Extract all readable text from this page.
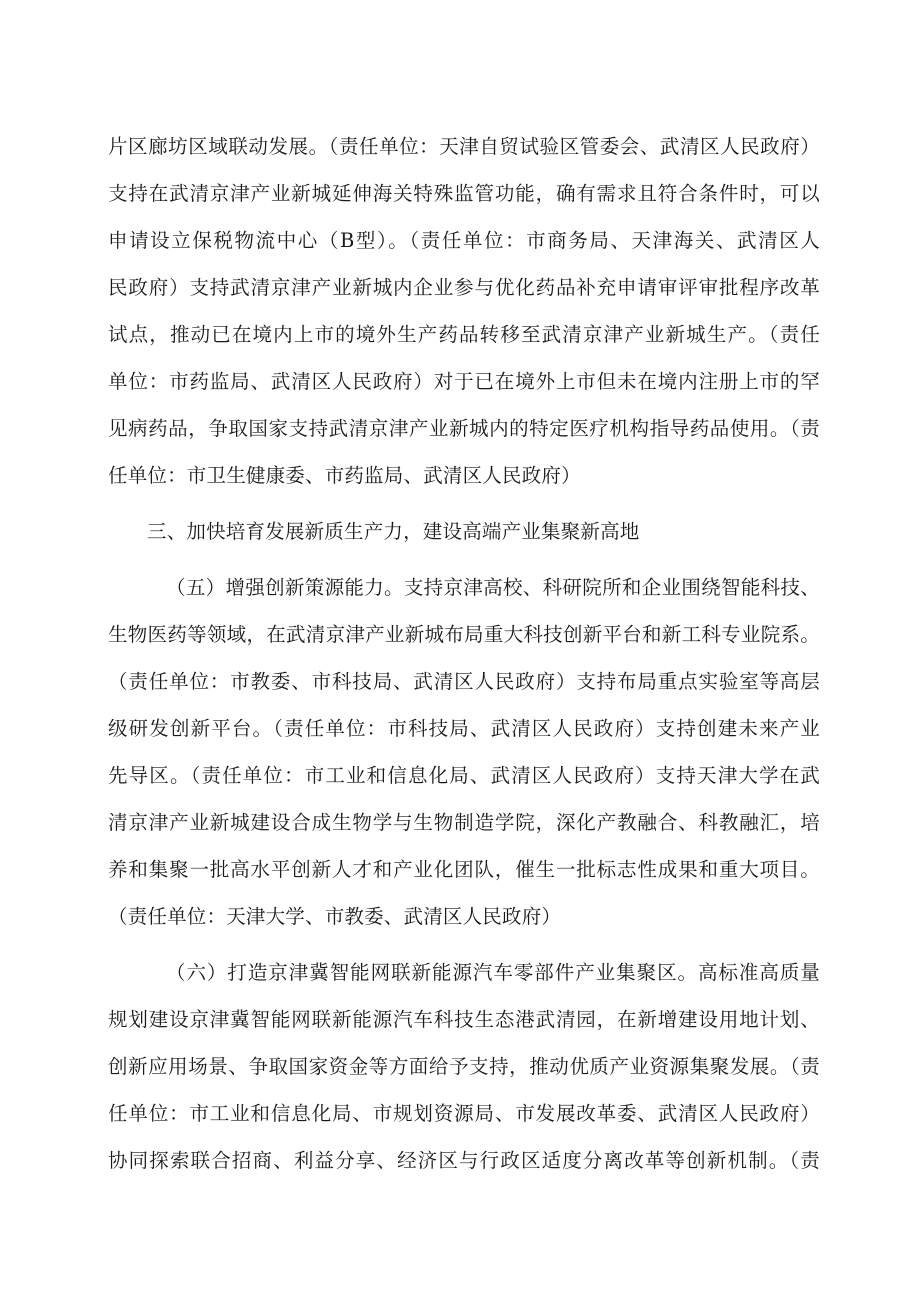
片区廊坊区域联动发展。（责任单位：天津自贸试验区管委会、武清区人民政府）
支持在武清京津产业新城延伸海关特殊监管功能，确有需求且符合条件时，可以
申请设立保税物流中心（B型）。（责任单位：市商务局、天津海关、武清区人
民政府）支持武清京津产业新城内企业参与优化药品补充申请审评审批程序改革
试点，推动已在境内上市的境外生产药品转移至武清京津产业新城生产。（责任
单位：市药监局、武清区人民政府）对于已在境外上市但未在境内注册上市的罕
见病药品，争取国家支持武清京津产业新城内的特定医疗机构指导药品使用。（责
任单位：市卫生健康委、市药监局、武清区人民政府）
三、加快培育发展新质生产力，建设高端产业集聚新高地
（五）增强创新策源能力。支持京津高校、科研院所和企业围绕智能科技、
生物医药等领域，在武清京津产业新城布局重大科技创新平台和新工科专业院系。
（责任单位：市教委、市科技局、武清区人民政府）支持布局重点实验室等高层
级研发创新平台。（责任单位：市科技局、武清区人民政府）支持创建未来产业
先导区。（责任单位：市工业和信息化局、武清区人民政府）支持天津大学在武
清京津产业新城建设合成生物学与生物制造学院，深化产教融合、科教融汇，培
养和集聚一批高水平创新人才和产业化团队，催生一批标志性成果和重大项目。
（责任单位：天津大学、市教委、武清区人民政府）
（六）打造京津冀智能网联新能源汽车零部件产业集聚区。高标准高质量
规划建设京津冀智能网联新能源汽车科技生态港武清园，在新增建设用地计划、
创新应用场景、争取国家资金等方面给予支持，推动优质产业资源集聚发展。（责
任单位：市工业和信息化局、市规划资源局、市发展改革委、武清区人民政府）
协同探索联合招商、利益分享、经济区与行政区适度分离改革等创新机制。（责
